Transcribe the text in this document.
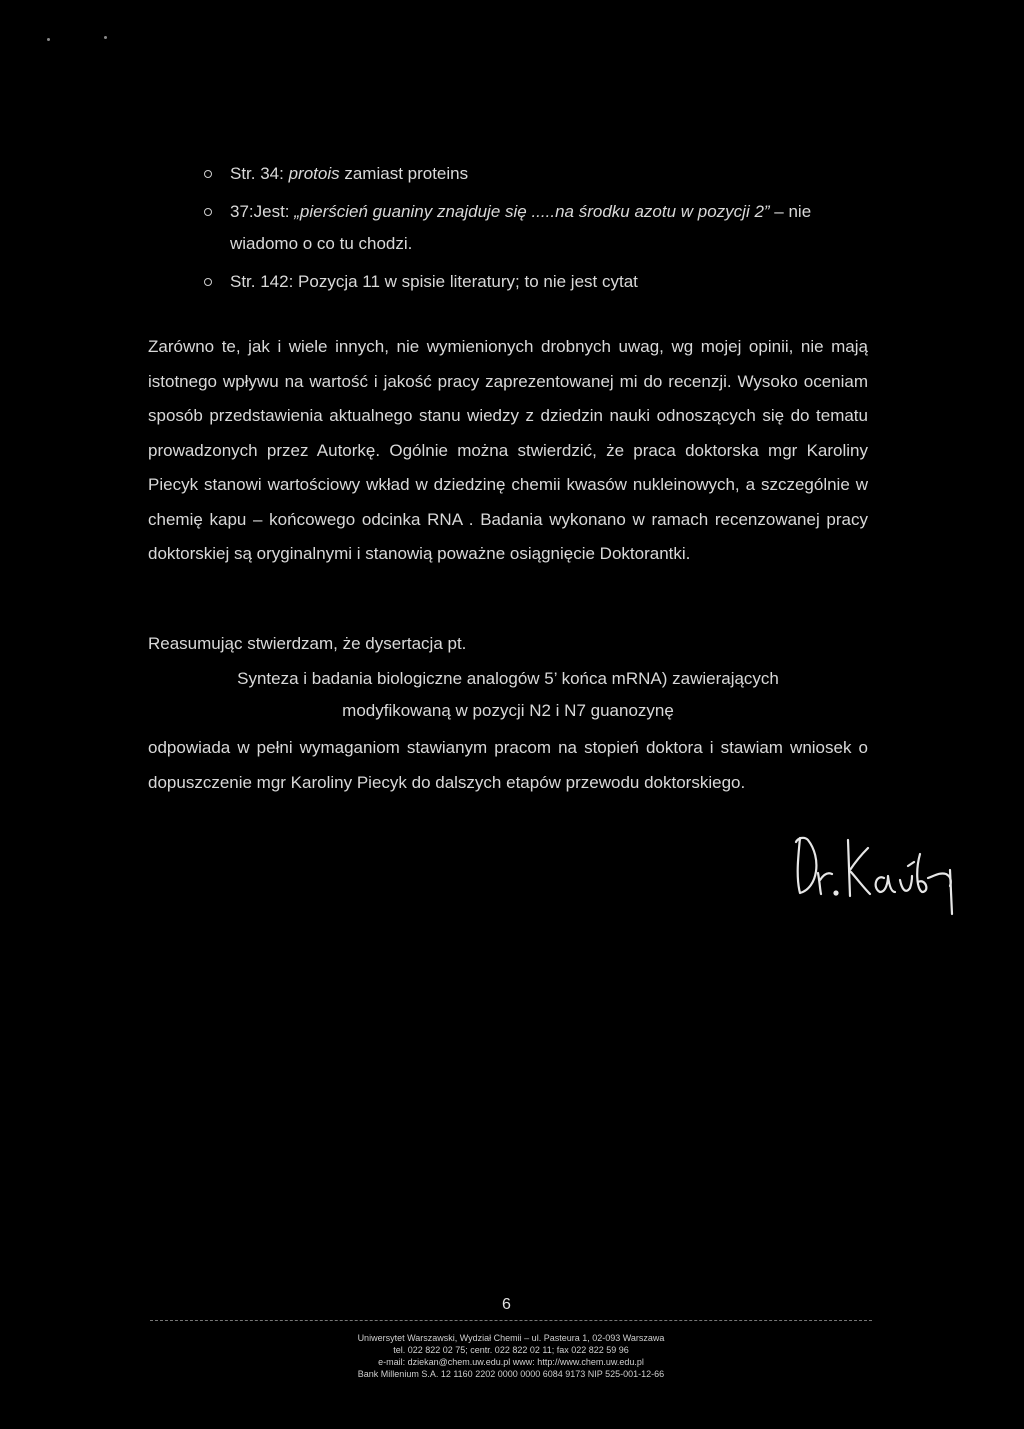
Str. 34: protois zamiast proteins
37:Jest: „pierścień guaniny znajduje się .....na środku azotu w pozycji 2” – nie wiadomo o co tu chodzi.
Str. 142: Pozycja 11 w spisie literatury; to nie jest cytat

Zarówno te, jak i wiele innych, nie wymienionych drobnych uwag, wg mojej opinii, nie mają istotnego wpływu na wartość i jakość pracy zaprezentowanej mi do recenzji. Wysoko oceniam sposób przedstawienia aktualnego stanu wiedzy z dziedzin nauki odnoszących się do tematu prowadzonych przez Autorkę. Ogólnie można stwierdzić, że praca doktorska mgr Karoliny Piecyk stanowi wartościowy wkład w dziedzinę chemii kwasów nukleinowych, a szczególnie w chemię kapu – końcowego odcinka RNA . Badania wykonano w ramach recenzowanej pracy doktorskiej są oryginalnymi i stanowią poważne osiągnięcie Doktorantki.

Reasumując stwierdzam, że dysertacja pt.

Synteza i badania biologiczne analogów 5’ końca mRNA) zawierających
modyfikowaną w pozycji N2 i N7 guanozynę

odpowiada w pełni wymaganiom stawianym pracom na stopień doktora i stawiam wniosek o dopuszczenie mgr Karoliny Piecyk do dalszych etapów przewodu doktorskiego.

6
Uniwersytet Warszawski, Wydział Chemii – ul. Pasteura 1, 02-093 Warszawa
tel. 022 822 02 75; centr. 022 822 02 11; fax 022 822 59 96
e-mail: dziekan@chem.uw.edu.pl www: http://www.chem.uw.edu.pl
Bank Millenium S.A. 12 1160 2202 0000 0000 6084 9173 NIP 525-001-12-66
